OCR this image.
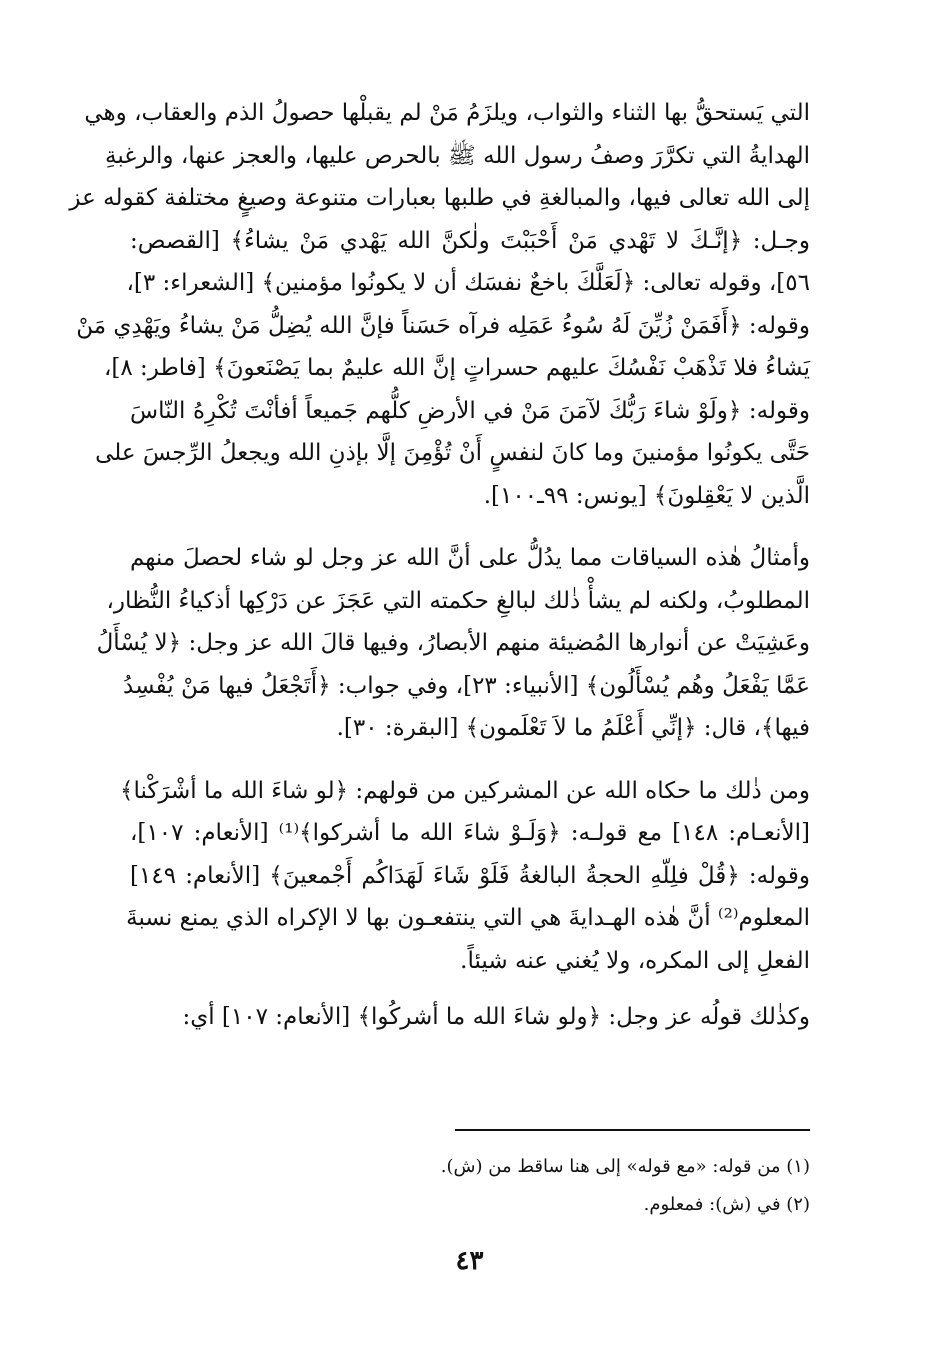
التي يَستحقُّ بها الثناء والثواب، ويلزَمُ مَنْ لم يقبلْها حصولُ الذم والعقاب، وهي
الهدايةُ التي تكرَّرَ وصفُ رسول الله ﷺ بالحرص عليها، والعجز عنها، والرغبةِ
إلى الله تعالى فيها، والمبالغةِ في طلبها بعبارات متنوعة وصيغٍ مختلفة كقوله عز
وجـل: ﴿إنَّـكَ لا تَهْدي مَنْ أَحْبَبْتَ ولٰكنَّ الله يَهْدي مَنْ يشاءُ﴾ [القصص:
٥٦]، وقوله تعالى: ﴿لَعَلَّكَ باخعٌ نفسَك أن لا يكونُوا مؤمنين﴾ [الشعراء: ٣]،
وقوله: ﴿أَفَمَنْ زُيِّنَ لَهُ سُوءُ عَمَلِه فرآه حَسَناً فإنَّ الله يُضِلُّ مَنْ يشاءُ ويَهْدِي مَنْ
يَشاءُ فلا تَذْهَبْ نَفْسُكَ عليهم حسراتٍ إنَّ الله عليمٌ بما يَصْنَعونَ﴾ [فاطر: ٨]،
وقوله: ﴿ولَوْ شاءَ رَبُّكَ لآمَنَ مَنْ في الأرضِ كلُّهم جَميعاً أفأنْتَ تُكْرِهُ النّاسَ
حَتَّى يكونُوا مؤمنينَ وما كانَ لنفسٍ أَنْ تُؤْمِنَ إلَّا بإذنِ الله ويجعلُ الرِّجسَ على
الَّذين لا يَعْقِلونَ﴾ [يونس: ٩٩ـ١٠٠].
وأمثالُ هٰذه السياقات مما يدُلُّ على أنَّ الله عز وجل لو شاء لحصلَ منهم
المطلوبُ، ولكنه لم يشأْ ذٰلك لبالغِ حكمته التي عَجَزَ عن دَرْكِها أذكياءُ النُّظار،
وعَشِيَتْ عن أنوارها المُضيئة منهم الأبصارُ، وفيها قالَ الله عز وجل: ﴿لا يُسْأَلُ
عَمَّا يَفْعَلُ وهُم يُسْأَلُون﴾ [الأنبياء: ٢٣]، وفي جواب: ﴿أَتَجْعَلُ فيها مَنْ يُفْسِدُ
فيها﴾، قال: ﴿إنِّي أَعْلَمُ ما لاَ تَعْلَمون﴾ [البقرة: ٣٠].
ومن ذٰلك ما حكاه الله عن المشركين من قولهم: ﴿لو شاءَ الله ما أشْرَكْنا﴾
[الأنعـام: ١٤٨] مع قولـه: ﴿وَلَـوْ شاءَ الله ما أشركوا﴾⁽¹⁾ [الأنعام: ١٠٧]،
وقوله: ﴿قُلْ فلِلّهِ الحجةُ البالغةُ فَلَوْ شَاءَ لَهَدَاكُم أَجْمعينَ﴾ [الأنعام: ١٤٩]
المعلوم⁽²⁾ أنَّ هٰذه الهـدايةَ هي التي ينتفعـون بها لا الإكراه الذي يمنع نسبةَ
الفعلِ إلى المكره، ولا يُغني عنه شيئاً.
وكذٰلك قولُه عز وجل: ﴿ولو شاءَ الله ما أشركُوا﴾ [الأنعام: ١٠٧] أي:
(١) من قوله: «مع قوله» إلى هنا ساقط من (ش).
(٢) في (ش): فمعلوم.
٤٣
